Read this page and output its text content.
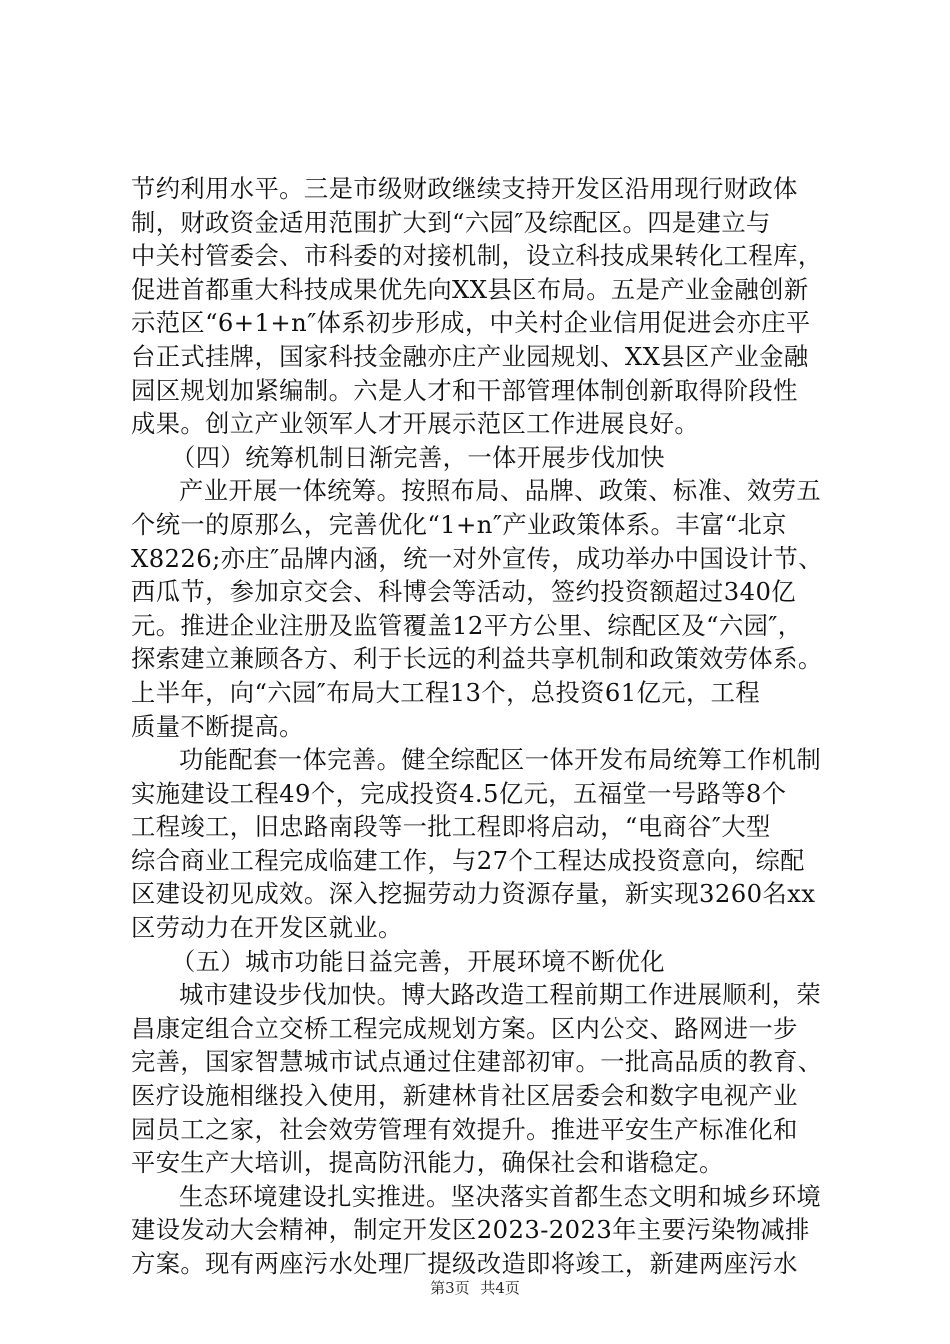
节约利用水平。三是市级财政继续支持开发区沿用现行财政体
制，财政资金适用范围扩大到“六园″及综配区。四是建立与
中关村管委会、市科委的对接机制，设立科技成果转化工程库，
促进首都重大科技成果优先向XX县区布局。五是产业金融创新
示范区“6+1+n″体系初步形成，中关村企业信用促进会亦庄平
台正式挂牌，国家科技金融亦庄产业园规划、XX县区产业金融
园区规划加紧编制。六是人才和干部管理体制创新取得阶段性
成果。创立产业领军人才开展示范区工作进展良好。
（四）统筹机制日渐完善，一体开展步伐加快
产业开展一体统筹。按照布局、品牌、政策、标准、效劳五
个统一的原那么，完善优化“1+n″产业政策体系。丰富“北京
X8226;亦庄″品牌内涵，统一对外宣传，成功举办中国设计节、
西瓜节，参加京交会、科博会等活动，签约投资额超过340亿
元。推进企业注册及监管覆盖12平方公里、综配区及“六园″，
探索建立兼顾各方、利于长远的利益共享机制和政策效劳体系。
上半年，向“六园″布局大工程13个，总投资61亿元，工程
质量不断提高。
功能配套一体完善。健全综配区一体开发布局统筹工作机制
实施建设工程49个，完成投资4.5亿元，五福堂一号路等8个
工程竣工，旧忠路南段等一批工程即将启动，“电商谷″大型
综合商业工程完成临建工作，与27个工程达成投资意向，综配
区建设初见成效。深入挖掘劳动力资源存量，新实现3260名xx
区劳动力在开发区就业。
（五）城市功能日益完善，开展环境不断优化
城市建设步伐加快。博大路改造工程前期工作进展顺利，荣
昌康定组合立交桥工程完成规划方案。区内公交、路网进一步
完善，国家智慧城市试点通过住建部初审。一批高品质的教育、
医疗设施相继投入使用，新建林肯社区居委会和数字电视产业
园员工之家，社会效劳管理有效提升。推进平安生产标准化和
平安生产大培训，提高防汛能力，确保社会和谐稳定。
生态环境建设扎实推进。坚决落实首都生态文明和城乡环境
建设发动大会精神，制定开发区2023-2023年主要污染物减排
方案。现有两座污水处理厂提级改造即将竣工，新建两座污水
第3页 共4页
